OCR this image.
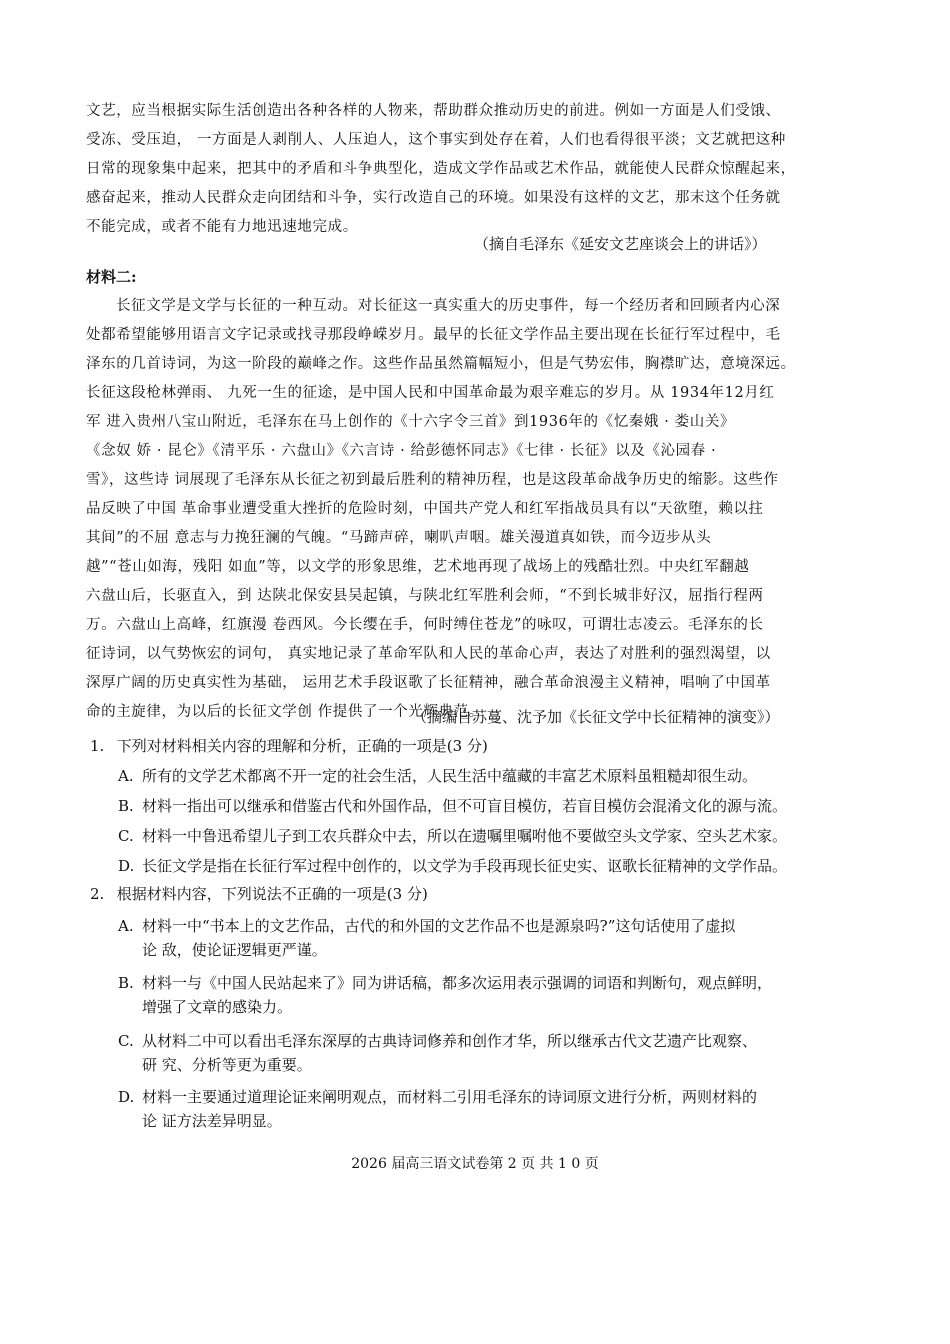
文艺，应当根据实际生活创造出各种各样的人物来，帮助群众推动历史的前进。例如一方面是人们受饿、
受冻、受压迫， 一方面是人剥削人、人压迫人，这个事实到处存在着，人们也看得很平淡；文艺就把这种
日常的现象集中起来，把其中的矛盾和斗争典型化，造成文学作品或艺术作品，就能使人民群众惊醒起来，
感奋起来，推动人民群众走向团结和斗争，实行改造自己的环境。如果没有这样的文艺，那末这个任务就
不能完成，或者不能有力地迅速地完成。
（摘自毛泽东《延安文艺座谈会上的讲话》）
材料二:
长征文学是文学与长征的一种互动。对长征这一真实重大的历史事件，每一个经历者和回顾者内心深
处都希望能够用语言文字记录或找寻那段峥嵘岁月。最早的长征文学作品主要出现在长征行军过程中，毛
泽东的几首诗词，为这一阶段的巅峰之作。这些作品虽然篇幅短小，但是气势宏伟，胸襟旷达，意境深远。
长征这段枪林弹雨、 九死一生的征途，是中国人民和中国革命最为艰辛难忘的岁月。从 1934年12月红
军 进入贵州八宝山附近，毛泽东在马上创作的《十六字令三首》到1936年的《忆秦娥 · 娄山关》
《念奴 娇 · 昆仑》《清平乐 · 六盘山》《六言诗 · 给彭德怀同志》《七律 · 长征》以及《沁园春 ·
雪》，这些诗 词展现了毛泽东从长征之初到最后胜利的精神历程，也是这段革命战争历史的缩影。这些作
品反映了中国 革命事业遭受重大挫折的危险时刻，中国共产党人和红军指战员具有以“天欲堕，赖以拄
其间”的不屈 意志与力挽狂澜的气魄。“马蹄声碎，喇叭声咽。雄关漫道真如铁，而今迈步从头
越”“苍山如海，残阳 如血”等，以文学的形象思维，艺术地再现了战场上的残酷壮烈。中央红军翻越
六盘山后，长驱直入，到 达陕北保安县吴起镇，与陕北红军胜利会师，“不到长城非好汉，屈指行程两
万。六盘山上高峰，红旗漫 卷西风。今长缨在手，何时缚住苍龙”的咏叹，可谓壮志凌云。毛泽东的长
征诗词，以气势恢宏的词句， 真实地记录了革命军队和人民的革命心声，表达了对胜利的强烈渴望，以
深厚广阔的历史真实性为基础， 运用艺术手段讴歌了长征精神，融合革命浪漫主义精神，唱响了中国革
命的主旋律，为以后的长征文学创 作提供了一个光辉典范。
（摘编自苏蔓、沈予加《长征文学中长征精神的演变》）
1. 下列对材料相关内容的理解和分析，正确的一项是(3 分)
A. 所有的文学艺术都离不开一定的社会生活，人民生活中蕴藏的丰富艺术原料虽粗糙却很生动。
B. 材料一指出可以继承和借鉴古代和外国作品，但不可盲目模仿，若盲目模仿会混淆文化的源与流。
C. 材料一中鲁迅希望儿子到工农兵群众中去，所以在遗嘱里嘱咐他不要做空头文学家、空头艺术家。
D. 长征文学是指在长征行军过程中创作的，以文学为手段再现长征史实、讴歌长征精神的文学作品。
2. 根据材料内容，下列说法不正确的一项是(3 分)
A. 材料一中“书本上的文艺作品，古代的和外国的文艺作品不也是源泉吗?”这句话使用了虚拟
论 敌，使论证逻辑更严谨。
B. 材料一与《中国人民站起来了》同为讲话稿，都多次运用表示强调的词语和判断句，观点鲜明，
增强了文章的感染力。
C. 从材料二中可以看出毛泽东深厚的古典诗词修养和创作才华，所以继承古代文艺遗产比观察、
研 究、分析等更为重要。
D. 材料一主要通过道理论证来阐明观点，而材料二引用毛泽东的诗词原文进行分析，两则材料的
论 证方法差异明显。
2026 届高三语文试卷第 2 页 共 1 0 页
